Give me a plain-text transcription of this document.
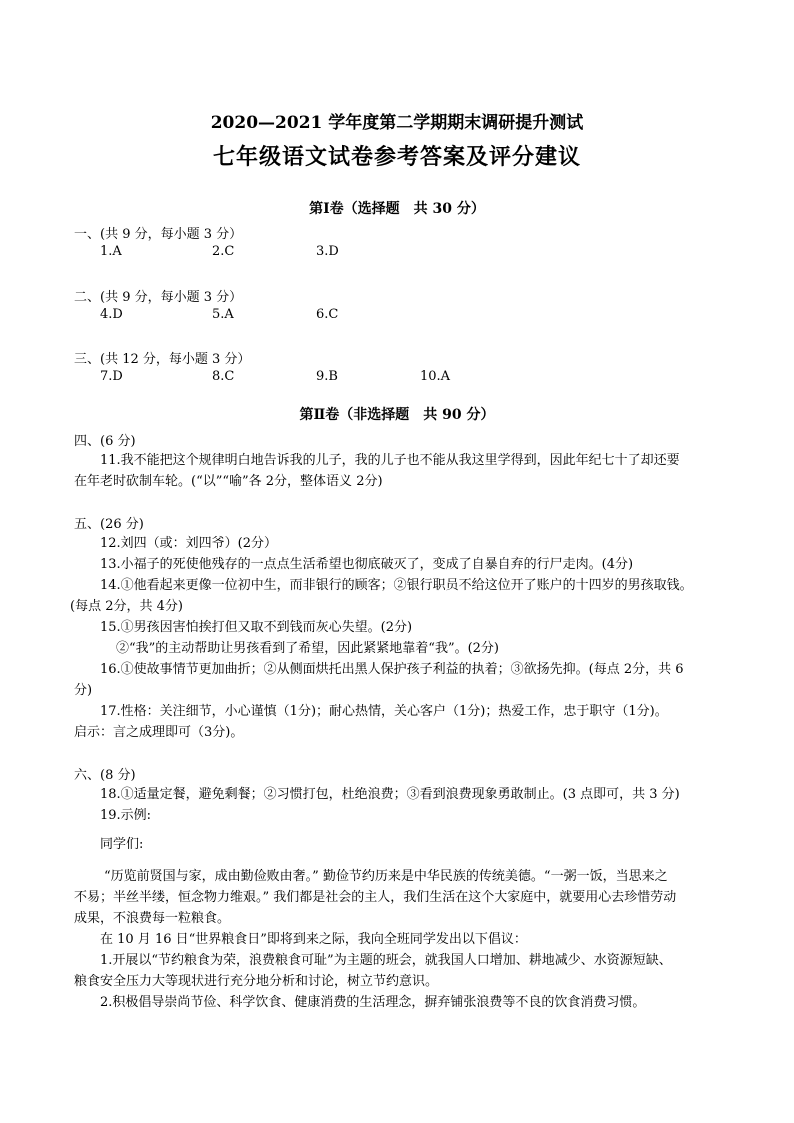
2020—2021 学年度第二学期期末调研提升测试
七年级语文试卷参考答案及评分建议
第Ⅰ卷（选择题　共 30 分）
一、(共 9 分，每小题 3 分）
1.A	2.C	3.D
二、(共 9 分，每小题 3 分）
4.D	5.A	6.C
三、(共 12 分，每小题 3 分）
7.D	8.C	9.B	10.A
第Ⅱ卷（非选择题　共 90 分）
四、(6 分)
11.我不能把这个规律明白地告诉我的儿子，我的儿子也不能从我这里学得到，因此年纪七十了却还要
在年老时砍制车轮。(“以”“喻”各 2分，整体语义 2分)
五、(26 分)
12.刘四（或：刘四爷）(2分）
13.小福子的死使他残存的一点点生活希望也彻底破灭了，变成了自暴自弃的行尸走肉。(4分)
14.①他看起来更像一位初中生，而非银行的顾客；②银行职员不给这位开了账户的十四岁的男孩取钱。
(每点 2分，共 4分)
15.①男孩因害怕挨打但又取不到钱而灰心失望。(2分)
②“我”的主动帮助让男孩看到了希望，因此紧紧地靠着“我”。(2分)
16.①使故事情节更加曲折；②从侧面烘托出黑人保护孩子利益的执着；③欲扬先抑。(每点 2分，共 6
分)
17.性格：关注细节，小心谨慎（1分)；耐心热情，关心客户（1分)；热爱工作，忠于职守（1分)。
启示：言之成理即可（3分)。
六、(8 分)
18.①适量定餐，避免剩餐；②习惯打包，杜绝浪费；③看到浪费现象勇敢制止。(3 点即可，共 3 分)
19.示例:
同学们:
“历览前贤国与家，成由勤俭败由奢。” 勤俭节约历来是中华民族的传统美德。“一粥一饭，当思来之
不易；半丝半缕，恒念物力维艰。” 我们都是社会的主人，我们生活在这个大家庭中，就要用心去珍惜劳动
成果，不浪费每一粒粮食。
在 10 月 16 日“世界粮食日”即将到来之际，我向全班同学发出以下倡议：
1.开展以“节约粮食为荣，浪费粮食可耻”为主题的班会，就我国人口增加、耕地减少、水资源短缺、
粮食安全压力大等现状进行充分地分析和讨论，树立节约意识。
2.积极倡导崇尚节俭、科学饮食、健康消费的生活理念，摒弃铺张浪费等不良的饮食消费习惯。
